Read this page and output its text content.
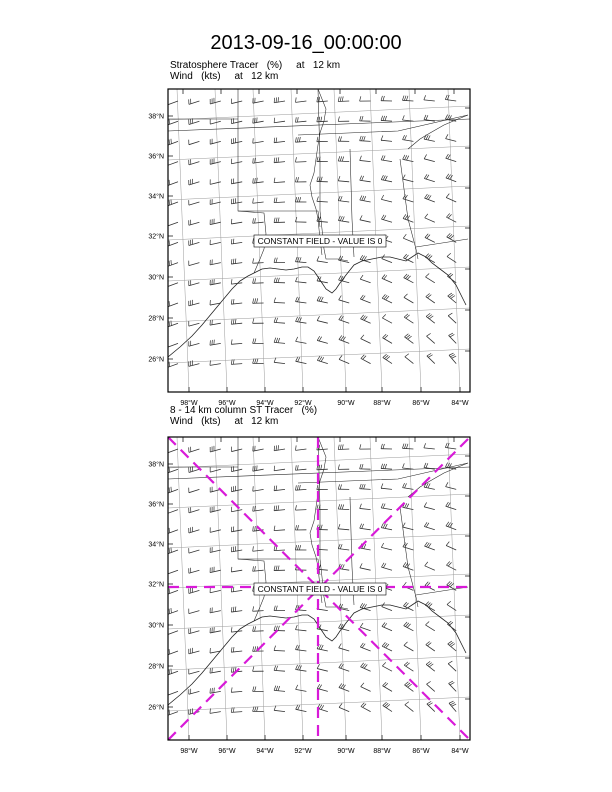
2013-09-16_00:00:00
Stratosphere Tracer   (%)     at   12 km
Wind   (kts)     at   12 km
8 - 14 km column ST Tracer   (%)
Wind   (kts)     at   12 km
CONSTANT FIELD - VALUE IS 0
38°N
36°N
34°N
32°N
30°N
28°N
26°N
98°W	96°W	94°W	92°W	90°W	88°W	86°W	84°W
CONSTANT FIELD - VALUE IS 0
38°N
36°N
34°N
32°N
30°N
28°N
26°N
98°W	96°W	94°W	92°W	90°W	88°W	86°W	84°W
